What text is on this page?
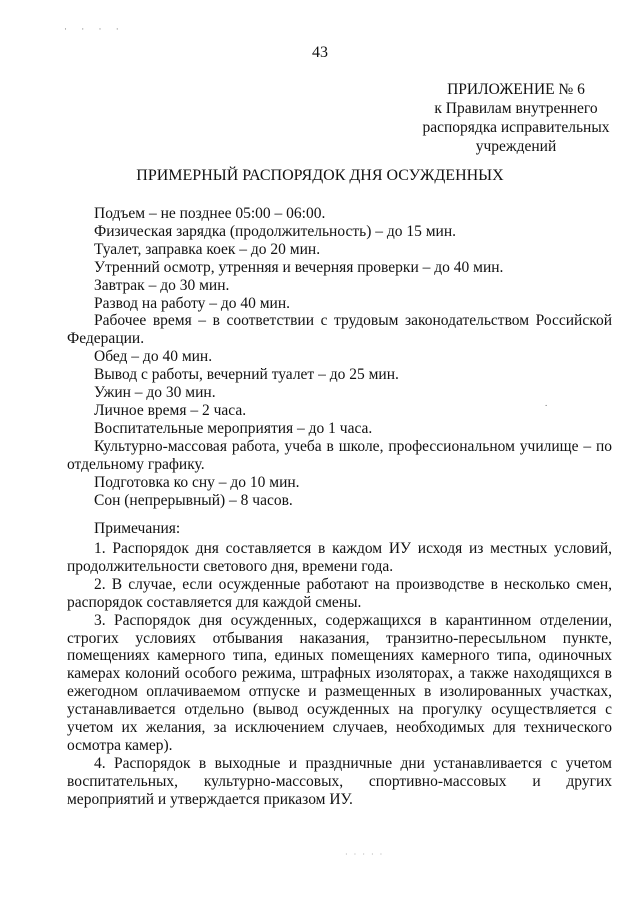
· · · ·
43
ПРИЛОЖЕНИЕ № 6
к Правилам внутреннего
распорядка исправительных
учреждений
ПРИМЕРНЫЙ РАСПОРЯДОК ДНЯ ОСУЖДЕННЫХ

Подъем – не позднее 05:00 – 06:00.

Физическая зарядка (продолжительность) – до 15 мин.

Туалет, заправка коек – до 20 мин.

Утренний осмотр, утренняя и вечерняя проверки – до 40 мин.

Завтрак – до 30 мин.

Развод на работу – до 40 мин.

Рабочее время – в соответствии с трудовым законодательством Российской Федерации.

Обед – до 40 мин.

Вывод с работы, вечерний туалет – до 25 мин.

Ужин – до 30 мин.

Личное время – 2 часа.

Воспитательные мероприятия – до 1 часа.

Культурно-массовая работа, учеба в школе, профессиональном училище – по отдельному графику.

Подготовка ко сну – до 10 мин.

Сон (непрерывный) – 8 часов.

.
Примечания:

1. Распорядок дня составляется в каждом ИУ исходя из местных условий, продолжительности светового дня, времени года.

2. В случае, если осужденные работают на производстве в несколько смен, распорядок составляется для каждой смены.

3. Распорядок дня осужденных, содержащихся в карантинном отделении, строгих условиях отбывания наказания, транзитно-пересыльном пункте, помещениях камерного типа, единых помещениях камерного типа, одиночных камерах колоний особого режима, штрафных изоляторах, а также находящихся в ежегодном оплачиваемом отпуске и размещенных в изолированных участках, устанавливается отдельно (вывод осужденных на прогулку осуществляется с учетом их желания, за исключением случаев, необходимых для технического осмотра камер).

4. Распорядок в выходные и праздничные дни устанавливается с учетом воспитательных, культурно-массовых, спортивно-массовых и других мероприятий и утверждается приказом ИУ.

· · · · ·
